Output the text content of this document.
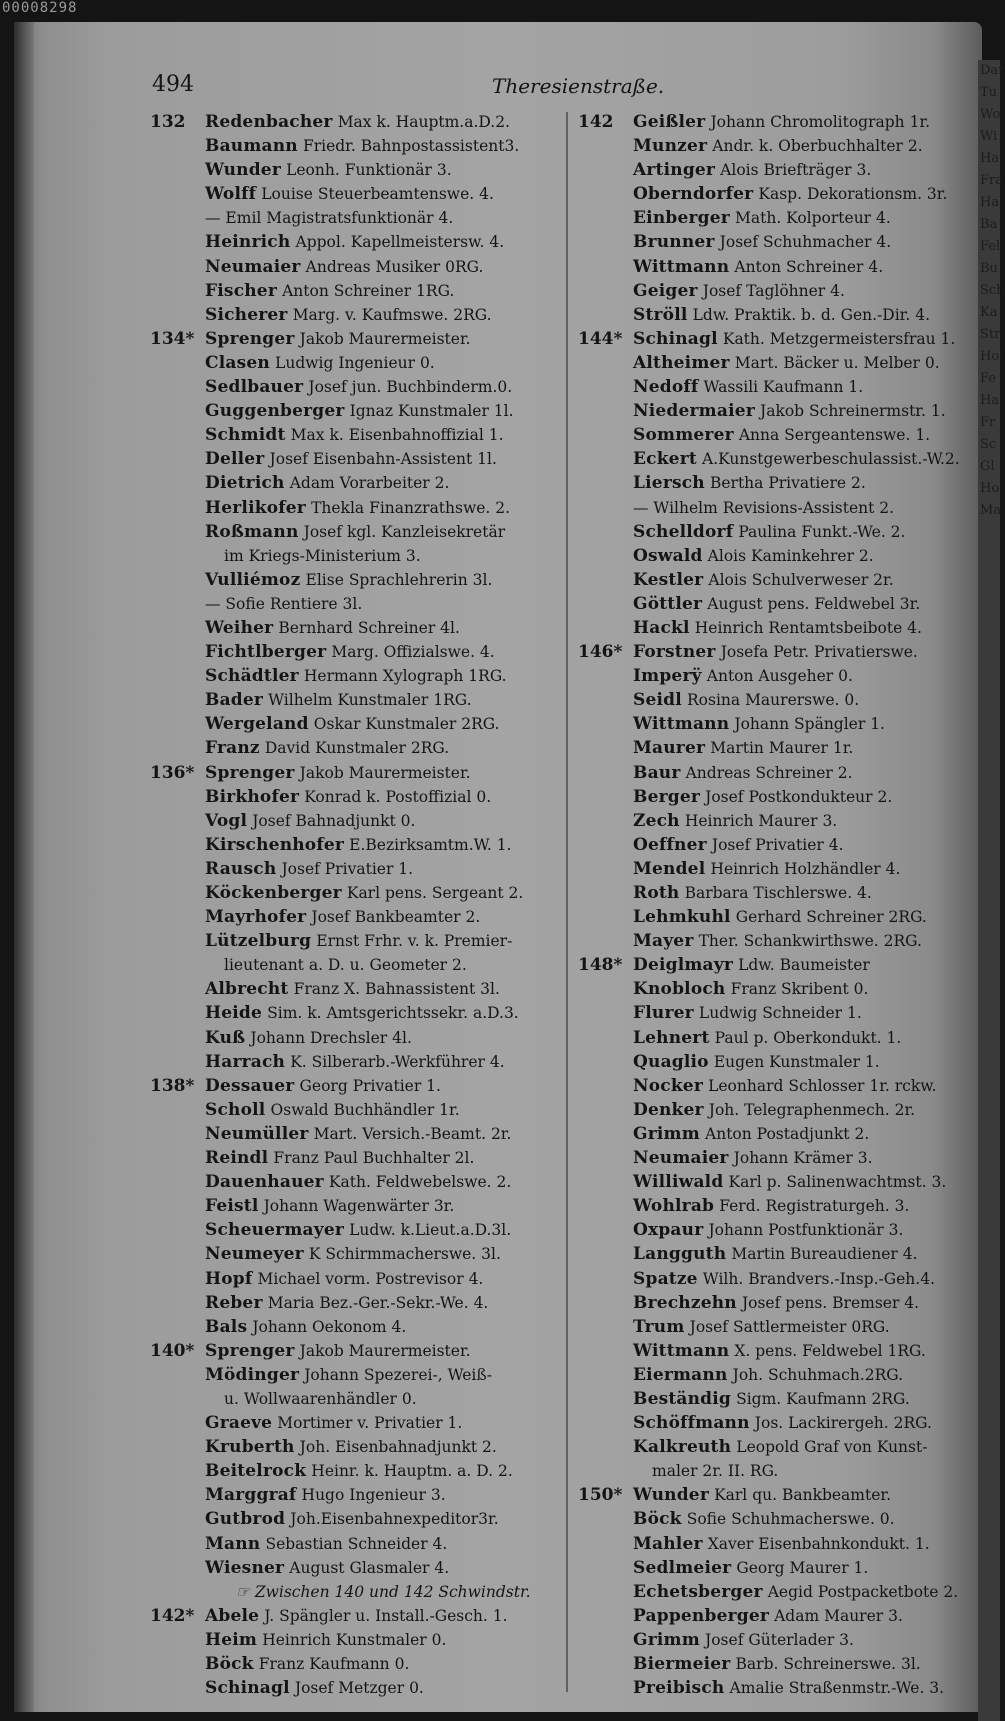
00008298
Dar
Tu
Wo
Wi
Ha
Fra
Ha
Ba
Fel
Bu
Sch
Ka
Str
Hol
Fe
Ha
Fr
Sc
Gl
Ho
Ma
494	Theresienstraße.
132 Redenbacher Max k. Hauptm.a.D.2.
Baumann Friedr. Bahnpostassistent3.
Wunder Leonh. Funktionär 3.
Wolff Louise Steuerbeamtenswe. 4.
— Emil Magistratsfunktionär 4.
Heinrich Appol. Kapellmeistersw. 4.
Neumaier Andreas Musiker 0RG.
Fischer Anton Schreiner 1RG.
Sicherer Marg. v. Kaufmswe. 2RG.
134* Sprenger Jakob Maurermeister.
Clasen Ludwig Ingenieur 0.
Sedlbauer Josef jun. Buchbinderm.0.
Guggenberger Ignaz Kunstmaler 1l.
Schmidt Max k. Eisenbahnoffizial 1.
Deller Josef Eisenbahn-Assistent 1l.
Dietrich Adam Vorarbeiter 2.
Herlikofer Thekla Finanzrathswe. 2.
Roßmann Josef kgl. Kanzleisekretär
im Kriegs-Ministerium 3.
Vulliémoz Elise Sprachlehrerin 3l.
— Sofie Rentiere 3l.
Weiher Bernhard Schreiner 4l.
Fichtlberger Marg. Offizialswe. 4.
Schädtler Hermann Xylograph 1RG.
Bader Wilhelm Kunstmaler 1RG.
Wergeland Oskar Kunstmaler 2RG.
Franz David Kunstmaler 2RG.
136* Sprenger Jakob Maurermeister.
Birkhofer Konrad k. Postoffizial 0.
Vogl Josef Bahnadjunkt 0.
Kirschenhofer E.Bezirksamtm.W. 1.
Rausch Josef Privatier 1.
Köckenberger Karl pens. Sergeant 2.
Mayrhofer Josef Bankbeamter 2.
Lützelburg Ernst Frhr. v. k. Premier-
lieutenant a. D. u. Geometer 2.
Albrecht Franz X. Bahnassistent 3l.
Heide Sim. k. Amtsgerichtssekr. a.D.3.
Kuß Johann Drechsler 4l.
Harrach K. Silberarb.-Werkführer 4.
138* Dessauer Georg Privatier 1.
Scholl Oswald Buchhändler 1r.
Neumüller Mart. Versich.-Beamt. 2r.
Reindl Franz Paul Buchhalter 2l.
Dauenhauer Kath. Feldwebelswe. 2.
Feistl Johann Wagenwärter 3r.
Scheuermayer Ludw. k.Lieut.a.D.3l.
Neumeyer K Schirmmacherswe. 3l.
Hopf Michael vorm. Postrevisor 4.
Reber Maria Bez.-Ger.-Sekr.-We. 4.
Bals Johann Oekonom 4.
140* Sprenger Jakob Maurermeister.
Mödinger Johann Spezerei-, Weiß-
u. Wollwaarenhändler 0.
Graeve Mortimer v. Privatier 1.
Kruberth Joh. Eisenbahnadjunkt 2.
Beitelrock Heinr. k. Hauptm. a. D. 2.
Marggraf Hugo Ingenieur 3.
Gutbrod Joh.Eisenbahnexpeditor3r.
Mann Sebastian Schneider 4.
Wiesner August Glasmaler 4.
☞ Zwischen 140 und 142 Schwindstr.
142* Abele J. Spängler u. Install.-Gesch. 1.
Heim Heinrich Kunstmaler 0.
Böck Franz Kaufmann 0.
Schinagl Josef Metzger 0.
142 Geißler Johann Chromolitograph 1r.
Munzer Andr. k. Oberbuchhalter 2.
Artinger Alois Briefträger 3.
Oberndorfer Kasp. Dekorationsm. 3r.
Einberger Math. Kolporteur 4.
Brunner Josef Schuhmacher 4.
Wittmann Anton Schreiner 4.
Geiger Josef Taglöhner 4.
Ströll Ldw. Praktik. b. d. Gen.-Dir. 4.
144* Schinagl Kath. Metzgermeistersfrau 1.
Altheimer Mart. Bäcker u. Melber 0.
Nedoff Wassili Kaufmann 1.
Niedermaier Jakob Schreinermstr. 1.
Sommerer Anna Sergeantenswe. 1.
Eckert A.Kunstgewerbeschulassist.-W.2.
Liersch Bertha Privatiere 2.
— Wilhelm Revisions-Assistent 2.
Schelldorf Paulina Funkt.-We. 2.
Oswald Alois Kaminkehrer 2.
Kestler Alois Schulverweser 2r.
Göttler August pens. Feldwebel 3r.
Hackl Heinrich Rentamtsbeibote 4.
146* Forstner Josefa Petr. Privatierswe.
Imperÿ Anton Ausgeher 0.
Seidl Rosina Maurerswe. 0.
Wittmann Johann Spängler 1.
Maurer Martin Maurer 1r.
Baur Andreas Schreiner 2.
Berger Josef Postkondukteur 2.
Zech Heinrich Maurer 3.
Oeffner Josef Privatier 4.
Mendel Heinrich Holzhändler 4.
Roth Barbara Tischlerswe. 4.
Lehmkuhl Gerhard Schreiner 2RG.
Mayer Ther. Schankwirthswe. 2RG.
148* Deiglmayr Ldw. Baumeister
Knobloch Franz Skribent 0.
Flurer Ludwig Schneider 1.
Lehnert Paul p. Oberkondukt. 1.
Quaglio Eugen Kunstmaler 1.
Nocker Leonhard Schlosser 1r. rckw.
Denker Joh. Telegraphenmech. 2r.
Grimm Anton Postadjunkt 2.
Neumaier Johann Krämer 3.
Williwald Karl p. Salinenwachtmst. 3.
Wohlrab Ferd. Registraturgeh. 3.
Oxpaur Johann Postfunktionär 3.
Langguth Martin Bureaudiener 4.
Spatze Wilh. Brandvers.-Insp.-Geh.4.
Brechzehn Josef pens. Bremser 4.
Trum Josef Sattlermeister 0RG.
Wittmann X. pens. Feldwebel 1RG.
Eiermann Joh. Schuhmach.2RG.
Beständig Sigm. Kaufmann 2RG.
Schöffmann Jos. Lackirergeh. 2RG.
Kalkreuth Leopold Graf von Kunst-
maler 2r. II. RG.
150* Wunder Karl qu. Bankbeamter.
Böck Sofie Schuhmacherswe. 0.
Mahler Xaver Eisenbahnkondukt. 1.
Sedlmeier Georg Maurer 1.
Echetsberger Aegid Postpacketbote 2.
Pappenberger Adam Maurer 3.
Grimm Josef Güterlader 3.
Biermeier Barb. Schreinerswe. 3l.
Preibisch Amalie Straßenmstr.-We. 3.
